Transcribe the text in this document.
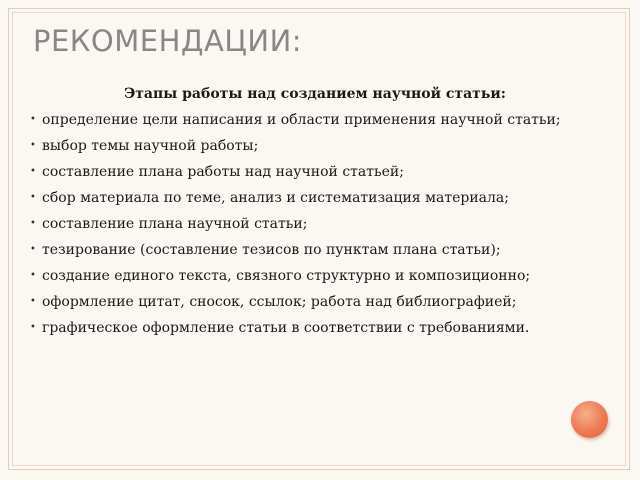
РЕКОМЕНДАЦИИ:

Этапы работы над созданием научной статьи:

• определение цели написания и области применения научной статьи;
• выбор темы научной работы;
• составление плана работы над научной статьей;
• сбор материала по теме, анализ и систематизация материала;
• составление плана научной статьи;
• тезирование (составление тезисов по пунктам плана статьи);
• создание единого текста, связного структурно и композиционно;
• оформление цитат, сносок, ссылок; работа над библиографией;
• графическое оформление статьи в соответствии с требованиями.
